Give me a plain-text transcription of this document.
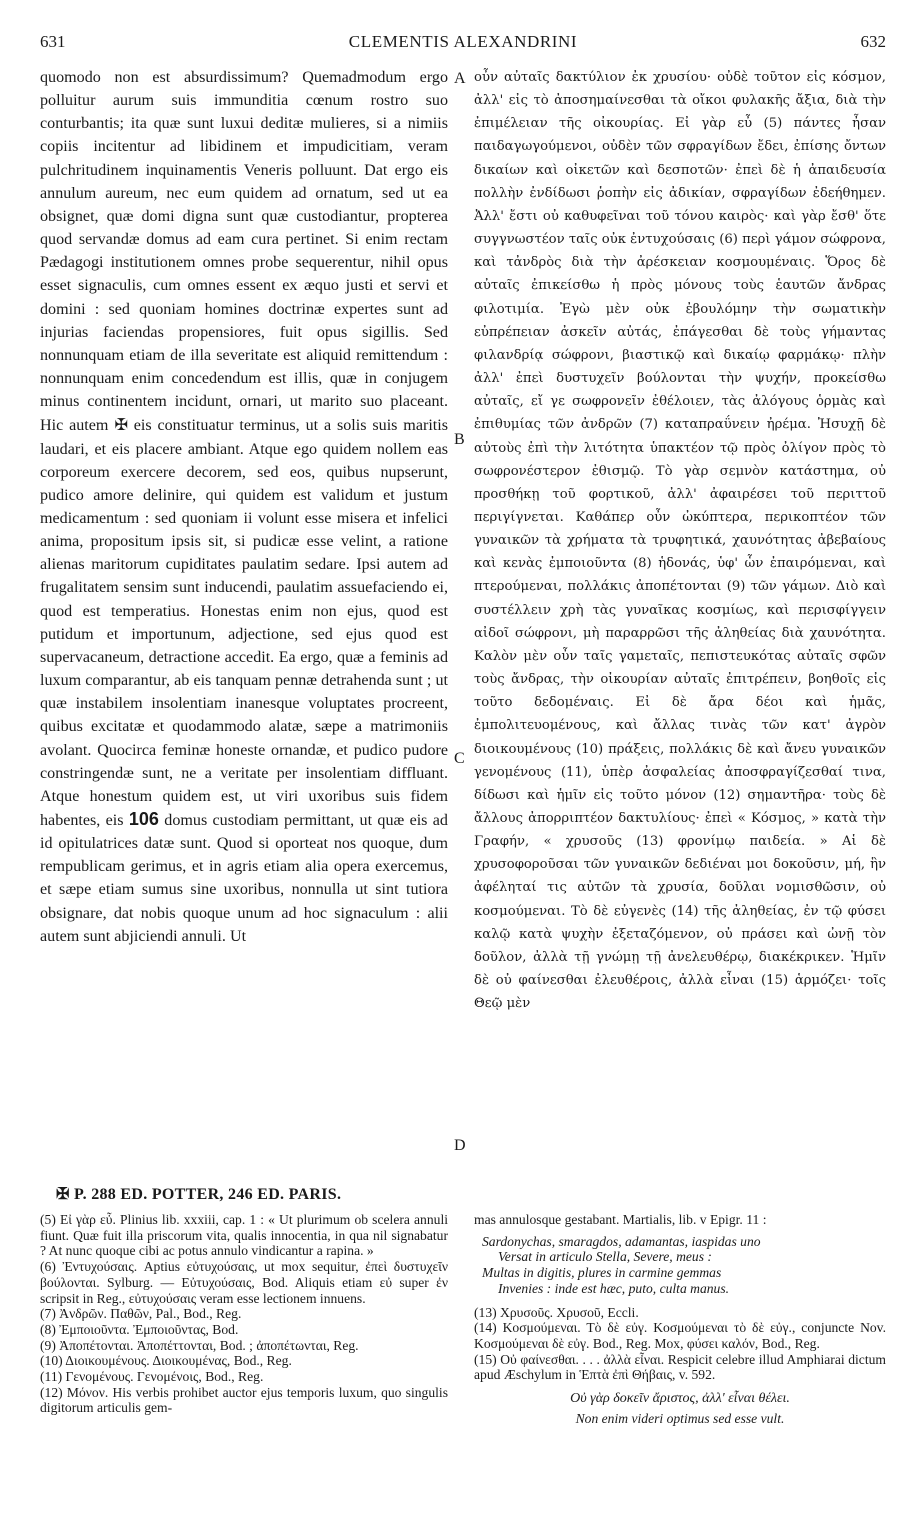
631	CLEMENTIS ALEXANDRINI	632
quomodo non est absurdissimum? Quemadmodum ergo polluitur aurum suis immunditia cœnum rostro suo conturbantis; ita quæ sunt luxui deditæ mulieres, si a nimiis copiis incitentur ad libidinem et impudicitiam, veram pulchritudinem inquinamentis Veneris polluunt. Dat ergo eis annulum aureum, nec eum quidem ad ornatum, sed ut ea obsignet, quæ domi digna sunt quæ custodiantur, propterea quod servandæ domus ad eam cura pertinet. Si enim rectam Pædagogi institutionem omnes probe sequerentur, nihil opus esset signaculis, cum omnes essent ex æquo justi et servi et domini : sed quoniam homines doctrinæ expertes sunt ad injurias faciendas propensiores, fuit opus sigillis. Sed nonnunquam etiam de illa severitate est aliquid remittendum : nonnunquam enim concedendum est illis, quæ in conjugem minus continentem incidunt, ornari, ut marito suo placeant. Hic autem ✠ eis constituatur terminus, ut a solis suis maritis laudari, et eis placere ambiant. Atque ego quidem nollem eas corporeum exercere decorem, sed eos, quibus nupserunt, pudico amore delinire, qui quidem est validum et justum medicamentum : sed quoniam ii volunt esse misera et infelici anima, propositum ipsis sit, si pudicæ esse velint, a ratione alienas maritorum cupiditates paulatim sedare. Ipsi autem ad frugalitatem sensim sunt inducendi, paulatim assuefaciendo ei, quod est temperatius. Honestas enim non ejus, quod est putidum et importunum, adjectione, sed ejus quod est supervacaneum, detractione accedit. Ea ergo, quæ a feminis ad luxum comparantur, ab eis tanquam pennæ detrahenda sunt ; ut quæ instabilem insolentiam inanesque voluptates procreent, quibus excitatæ et quodammodo alatæ, sæpe a matrimoniis avolant. Quocirca feminæ honeste ornandæ, et pudico pudore constringendæ sunt, ne a veritate per insolentiam diffluant. Atque honestum quidem est, ut viri uxoribus suis fidem habentes, eis 106 domus custodiam permittant, ut quæ eis ad id opitulatrices datæ sunt. Quod si oporteat nos quoque, dum rempublicam gerimus, et in agris etiam alia opera exercemus, et sæpe etiam sumus sine uxoribus, nonnulla ut sint tutiora obsignare, dat nobis quoque unum ad hoc signaculum : alii autem sunt abjiciendi annuli. Ut
A
B
C
D
οὖν αὐταῖς δακτύλιον ἐκ χρυσίου· οὐδὲ τοῦτον εἰς κόσμον, ἀλλ' εἰς τὸ ἀποσημαίνεσθαι τὰ οἴκοι φυλακῆς ἄξια, διὰ τὴν ἐπιμέλειαν τῆς οἰκουρίας. Εἰ γὰρ εὖ (5) πάντες ἦσαν παιδαγωγούμενοι, οὐδὲν τῶν σφραγίδων ἔδει, ἐπίσης ὄντων δικαίων καὶ οἰκετῶν καὶ δεσποτῶν· ἐπεὶ δὲ ἡ ἀπαιδευσία πολλὴν ἐνδίδωσι ῥοπὴν εἰς ἀδικίαν, σφραγίδων ἐδεήθημεν. Ἀλλ' ἔστι οὐ καθυφεῖναι τοῦ τόνου καιρὸς· καὶ γὰρ ἔσθ' ὅτε συγγνωστέον ταῖς οὐκ ἐντυχούσαις (6) περὶ γάμον σώφρονα, καὶ τἀνδρὸς διὰ τὴν ἀρέσκειαν κοσμουμέναις. Ὅρος δὲ αὐταῖς ἐπικείσθω ἡ πρὸς μόνους τοὺς ἑαυτῶν ἄνδρας φιλοτιμία. Ἐγὼ μὲν οὐκ ἐβουλόμην τὴν σωματικὴν εὐπρέπειαν ἀσκεῖν αὐτάς, ἐπάγεσθαι δὲ τοὺς γήμαντας φιλανδρίᾳ σώφρονι, βιαστικῷ καὶ δικαίῳ φαρμάκῳ· πλὴν ἀλλ' ἐπεὶ δυστυχεῖν βούλονται τὴν ψυχήν, προκείσθω αὐταῖς, εἴ γε σωφρονεῖν ἐθέλοιεν, τὰς ἀλόγους ὁρμὰς καὶ ἐπιθυμίας τῶν ἀνδρῶν (7) καταπραΰνειν ἠρέμα. Ἠσυχῇ δὲ αὐτοὺς ἐπὶ τὴν λιτότητα ὑπακτέον τῷ πρὸς ὀλίγον πρὸς τὸ σωφρονέστερον ἐθισμῷ. Τὸ γὰρ σεμνὸν κατάστημα, οὐ προσθήκῃ τοῦ φορτικοῦ, ἀλλ' ἀφαιρέσει τοῦ περιττοῦ περιγίγνεται. Καθάπερ οὖν ὠκύπτερα, περικοπτέον τῶν γυναικῶν τὰ χρήματα τὰ τρυφητικά, χαυνότητας ἀβεβαίους καὶ κενὰς ἐμποιοῦντα (8) ἡδονάς, ὑφ' ὧν ἐπαιρόμεναι, καὶ πτερούμεναι, πολλάκις ἀποπέτονται (9) τῶν γάμων. Διὸ καὶ συστέλλειν χρὴ τὰς γυναῖκας κοσμίως, καὶ περισφίγγειν αἰδοῖ σώφρονι, μὴ παραρρῶσι τῆς ἀληθείας διὰ χαυνότητα. Καλὸν μὲν οὖν ταῖς γαμεταῖς, πεπιστευκότας αὐταῖς σφῶν τοὺς ἄνδρας, τὴν οἰκουρίαν αὐταῖς ἐπιτρέπειν, βοηθοῖς εἰς τοῦτο δεδομέναις. Εἰ δὲ ἄρα δέοι καὶ ἡμᾶς, ἐμπολιτευομένους, καὶ ἄλλας τινὰς τῶν κατ' ἀγρὸν διοικουμένους (10) πράξεις, πολλάκις δὲ καὶ ἄνευ γυναικῶν γενομένους (11), ὑπὲρ ἀσφαλείας ἀποσφραγίζεσθαί τινα, δίδωσι καὶ ἡμῖν εἰς τοῦτο μόνον (12) σημαντῆρα· τοὺς δὲ ἄλλους ἀπορριπτέον δακτυλίους· ἐπεὶ « Κόσμος, » κατὰ τὴν Γραφήν, « χρυσοῦς (13) φρονίμῳ παιδεία. » Αἱ δὲ χρυσοφοροῦσαι τῶν γυναικῶν δεδιέναι μοι δοκοῦσιν, μή, ἣν ἀφέληταί τις αὐτῶν τὰ χρυσία, δοῦλαι νομισθῶσιν, οὐ κοσμούμεναι. Τὸ δὲ εὐγενὲς (14) τῆς ἀληθείας, ἐν τῷ φύσει καλῷ κατὰ ψυχὴν ἐξεταζόμενον, οὐ πράσει καὶ ὠνῇ τὸν δοῦλον, ἀλλὰ τῇ γνώμῃ τῇ ἀνελευθέρῳ, διακέκρικεν. Ἡμῖν δὲ οὐ φαίνεσθαι ἐλευθέροις, ἀλλὰ εἶναι (15) ἁρμόζει· τοῖς Θεῷ μὲν
✠ P. 288 ED. POTTER, 246 ED. PARIS.

(5) Εἰ γὰρ εὖ. Plinius lib. xxxiii, cap. 1 : « Ut plurimum ob scelera annuli fiunt. Quæ fuit illa priscorum vita, qualis innocentia, in qua nil signabatur ? At nunc quoque cibi ac potus annulo vindicantur a rapina. »

(6) Ἐντυχούσαις. Aptius εὐτυχούσαις, ut mox sequitur, ἐπεὶ δυστυχεῖν βούλονται. Sylburg. — Εὐτυχούσαις, Bod. Aliquis etiam εὐ super ἐν scripsit in Reg., εὐτυχούσαις veram esse lectionem innuens.

(7) Ἀνδρῶν. Παθῶν, Pal., Bod., Reg.

(8) Ἐμποιοῦντα. Ἐμποιοῦντας, Bod.

(9) Ἀποπέτονται. Ἀποπέττονται, Bod. ; ἀποπέτωνται, Reg.

(10) Διοικουμένους. Διοικουμένας, Bod., Reg.

(11) Γενομένους. Γενομένοις, Bod., Reg.

(12) Μόνον. His verbis prohibet auctor ejus temporis luxum, quo singulis digitorum articulis gem-

mas annulosque gestabant. Martialis, lib. v Epigr. 11 :

Sardonychas, smaragdos, adamantas, iaspidas uno

Versat in articulo Stella, Severe, meus :

Multas in digitis, plures in carmine gemmas

Invenies : inde est hæc, puto, culta manus.

(13) Χρυσοῦς. Χρυσοῦ, Eccli.

(14) Κοσμούμεναι. Τὸ δὲ εὐγ. Κοσμούμεναι τὸ δὲ εὐγ., conjuncte Nov. Κοσμούμεναι δὲ εὐγ. Bod., Reg. Mox, φύσει καλόν, Bod., Reg.

(15) Οὐ φαίνεσθαι. . . . ἀλλὰ εἶναι. Respicit celebre illud Amphiarai dictum apud Æschylum in Ἑπτὰ ἐπὶ Θήβαις, v. 592.

Οὐ γὰρ δοκεῖν ἄριστος, ἀλλ' εἶναι θέλει.

Non enim videri optimus sed esse vult.
